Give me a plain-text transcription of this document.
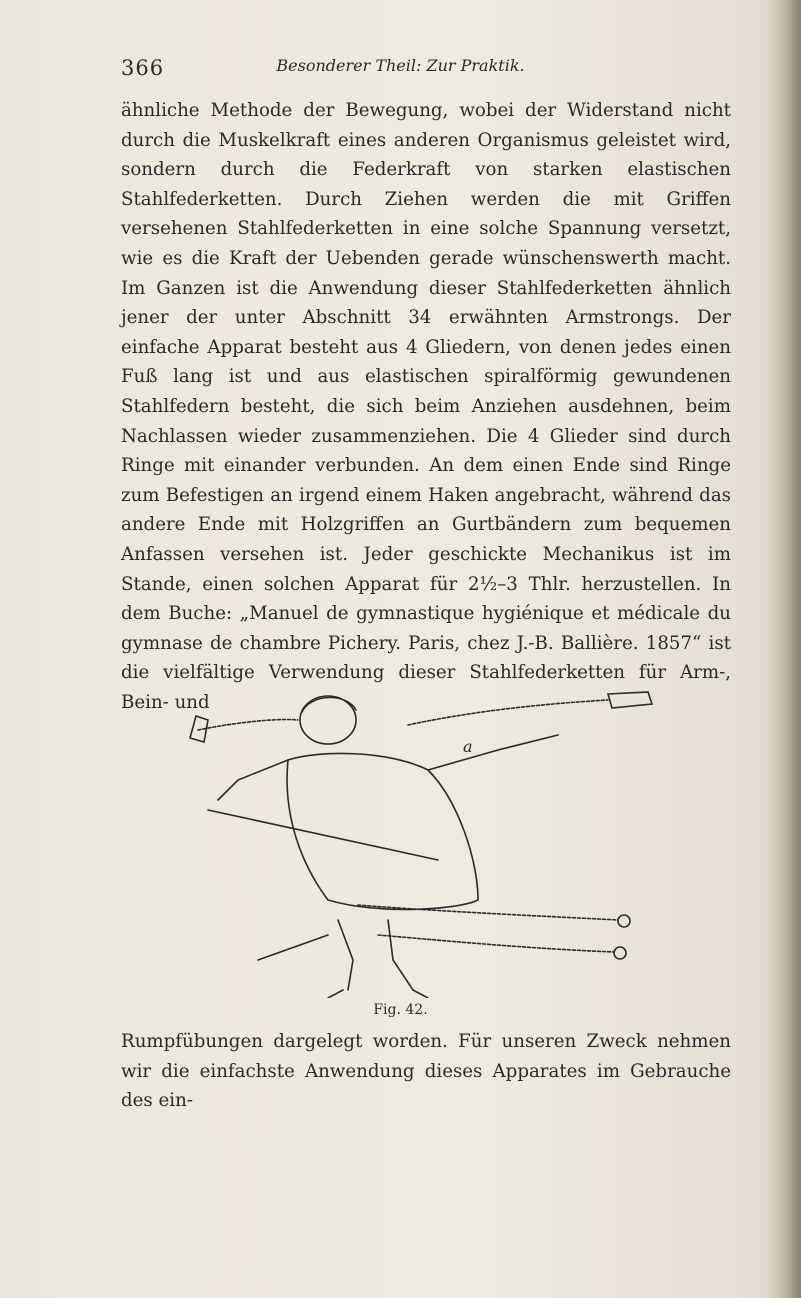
366	Besonderer Theil: Zur Praktik.

ähnliche Methode der Bewegung, wobei der Widerstand nicht durch die Muskelkraft eines anderen Organismus geleistet wird, sondern durch die Federkraft von starken elastischen Stahlfederketten. Durch Ziehen werden die mit Griffen versehenen Stahlfederketten in eine solche Spannung versetzt, wie es die Kraft der Uebenden gerade wünschenswerth macht. Im Ganzen ist die Anwendung dieser Stahlfederketten ähnlich jener der unter Abschnitt 34 erwähnten Armstrongs. Der einfache Apparat besteht aus 4 Gliedern, von denen jedes einen Fuß lang ist und aus elastischen spiralförmig gewundenen Stahlfedern besteht, die sich beim Anziehen ausdehnen, beim Nachlassen wieder zusammenziehen. Die 4 Glieder sind durch Ringe mit einander verbunden. An dem einen Ende sind Ringe zum Befestigen an irgend einem Haken angebracht, während das andere Ende mit Holzgriffen an Gurtbändern zum bequemen Anfassen versehen ist. Jeder geschickte Mechanikus ist im Stande, einen solchen Apparat für 2½–3 Thlr. herzustellen. In dem Buche: „Manuel de gymnastique hygiénique et médicale du gymnase de chambre Pichery. Paris, chez J.-B. Ballière. 1857“ ist die vielfältige Verwendung dieser Stahlfederketten für Arm-, Bein- und

a
Fig. 42.

Rumpfübungen dargelegt worden. Für unseren Zweck nehmen wir die einfachste Anwendung dieses Apparates im Gebrauche des ein-
